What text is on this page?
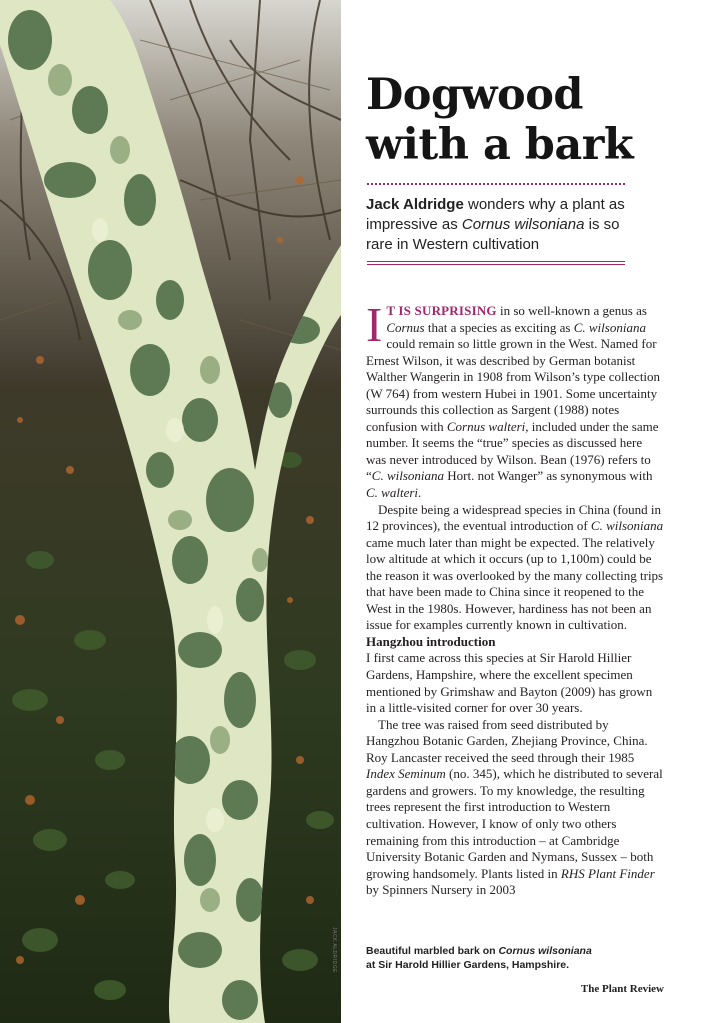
JACK ALDRIDGE
Dogwood
with a bark

Jack Aldridge wonders why a plant as impressive as Cornus wilsoniana is so rare in Western cultivation

I T IS SURPRISING in so well-known a genus as Cornus that a species as exciting as C. wilsoniana could remain so little grown in the West. Named for Ernest Wilson, it was described by German botanist Walther Wangerin in 1908 from Wilson’s type collection (W 764) from western Hubei in 1901. Some uncertainty surrounds this collection as Sargent (1988) notes confusion with Cornus walteri, included under the same number. It seems the “true” species as discussed here was never introduced by Wilson. Bean (1976) refers to “C. wilsoniana Hort. not Wanger” as synonymous with C. walteri.

Despite being a widespread species in China (found in 12 provinces), the eventual introduction of C. wilsoniana came much later than might be expected. The relatively low altitude at which it occurs (up to 1,100m) could be the reason it was overlooked by the many collecting trips that have been made to China since it reopened to the West in the 1980s. However, hardiness has not been an issue for examples currently known in cultivation.

Hangzhou introduction

I first came across this species at Sir Harold Hillier Gardens, Hampshire, where the excellent specimen mentioned by Grimshaw and Bayton (2009) has grown in a little-visited corner for over 30 years.

The tree was raised from seed distributed by Hangzhou Botanic Garden, Zhejiang Province, China. Roy Lancaster received the seed through their 1985 Index Seminum (no. 345), which he distributed to several gardens and growers. To my knowledge, the resulting trees represent the first introduction to Western cultivation. However, I know of only two others remaining from this introduction – at Cambridge University Botanic Garden and Nymans, Sussex – both growing handsomely. Plants listed in RHS Plant Finder by Spinners Nursery in 2003

Beautiful marbled bark on Cornus wilsoniana
at Sir Harold Hillier Gardens, Hampshire.

The Plant Review
